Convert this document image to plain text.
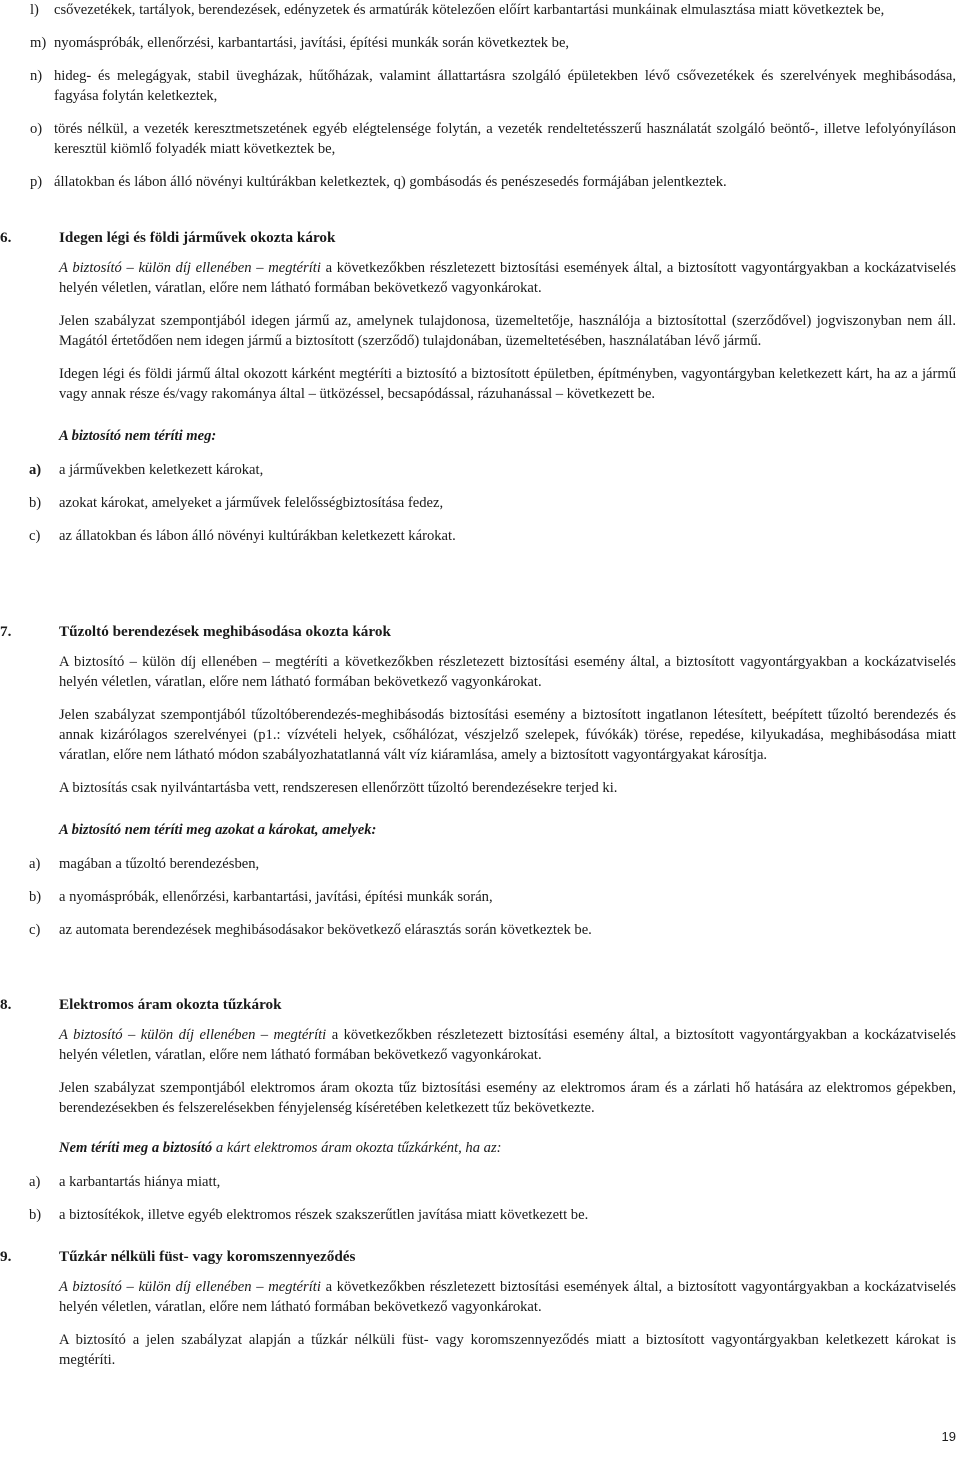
l)	csővezetékek, tartályok, berendezések, edényzetek és armatúrák kötelezően előírt karbantartási munkáinak elmulasztása miatt következtek be,
m) nyomáspróbák, ellenőrzési, karbantartási, javítási, építési munkák során következtek be,
n) hideg- és melegágyak, stabil üvegházak, hűtőházak, valamint állattartásra szolgáló épületekben lévő csővezetékek és szerelvények meghibásodása, fagyása folytán keletkeztek,
o) törés nélkül, a vezeték keresztmetszetének egyéb elégtelensége folytán, a vezeték rendeltetésszerű használatát szolgáló beöntő-, illetve lefolyónyíláson keresztül kiömlő folyadék miatt következtek be,
p) állatokban és lábon álló növényi kultúrákban keletkeztek, q) gombásodás és penészesedés formájában jelentkeztek.
6.	Idegen légi és földi járművek okozta károk

A biztosító – külön díj ellenében – megtéríti a következőkben részletezett biztosítási események által, a biztosított vagyontárgyakban a kockázatviselés helyén véletlen, váratlan, előre nem látható formában bekövetkező vagyonkárokat.

Jelen szabályzat szempontjából idegen jármű az, amelynek tulajdonosa, üzemeltetője, használója a biztosítottal (szerződővel) jogviszonyban nem áll. Magától értetődően nem idegen jármű a biztosított (szerződő) tulajdonában, üzemeltetésében, használatában lévő jármű.

Idegen légi és földi jármű által okozott kárként megtéríti a biztosító a biztosított épületben, építményben, vagyontárgyban keletkezett kárt, ha az a jármű vagy annak része és/vagy rakománya által – ütközéssel, becsapódással, rázuhanással – következett be.

A biztosító nem téríti meg:

a)	a járművekben keletkezett károkat,
b)	azokat károkat, amelyeket a járművek felelősségbiztosítása fedez,
c)	az állatokban és lábon álló növényi kultúrákban keletkezett károkat.
7.	Tűzoltó berendezések meghibásodása okozta károk

A biztosító – külön díj ellenében – megtéríti a következőkben részletezett biztosítási esemény által, a biztosított vagyontárgyakban a kockázatviselés helyén véletlen, váratlan, előre nem látható formában bekövetkező vagyonkárokat.

Jelen szabályzat szempontjából tűzoltóberendezés-meghibásodás biztosítási esemény a biztosított ingatlanon létesített, beépített tűzoltó berendezés és annak kizárólagos szerelvényei (p1.: vízvételi helyek, csőhálózat, vészjelző szelepek, fúvókák) törése, repedése, kilyukadása, meghibásodása miatt váratlan, előre nem látható módon szabályozhatatlanná vált víz kiáramlása, amely a biztosított vagyontárgyakat károsítja.

A biztosítás csak nyilvántartásba vett, rendszeresen ellenőrzött tűzoltó berendezésekre terjed ki.

A biztosító nem téríti meg azokat a károkat, amelyek:

a)	magában a tűzoltó berendezésben,
b)	a nyomáspróbák, ellenőrzési, karbantartási, javítási, építési munkák során,
c)	az automata berendezések meghibásodásakor bekövetkező elárasztás során következtek be.
8.	Elektromos áram okozta tűzkárok

A biztosító – külön díj ellenében – megtéríti a következőkben részletezett biztosítási esemény által, a biztosított vagyontárgyakban a kockázatviselés helyén véletlen, váratlan, előre nem látható formában bekövetkező vagyonkárokat.

Jelen szabályzat szempontjából elektromos áram okozta tűz biztosítási esemény az elektromos áram és a zárlati hő hatására az elektromos gépekben, berendezésekben és felszerelésekben fényjelenség kíséretében keletkezett tűz bekövetkezte.

Nem téríti meg a biztosító a kárt elektromos áram okozta tűzkárként, ha az:

a)	a karbantartás hiánya miatt,
b)	a biztosítékok, illetve egyéb elektromos részek szakszerűtlen javítása miatt következett be.
9.	Tűzkár nélküli füst- vagy koromszennyeződés

A biztosító – külön díj ellenében – megtéríti a következőkben részletezett biztosítási események által, a biztosított vagyontárgyakban a kockázatviselés helyén véletlen, váratlan, előre nem látható formában bekövetkező vagyonkárokat.

A biztosító a jelen szabályzat alapján a tűzkár nélküli füst- vagy koromszennyeződés miatt a biztosított vagyontárgyakban keletkezett károkat is megtéríti.

19
